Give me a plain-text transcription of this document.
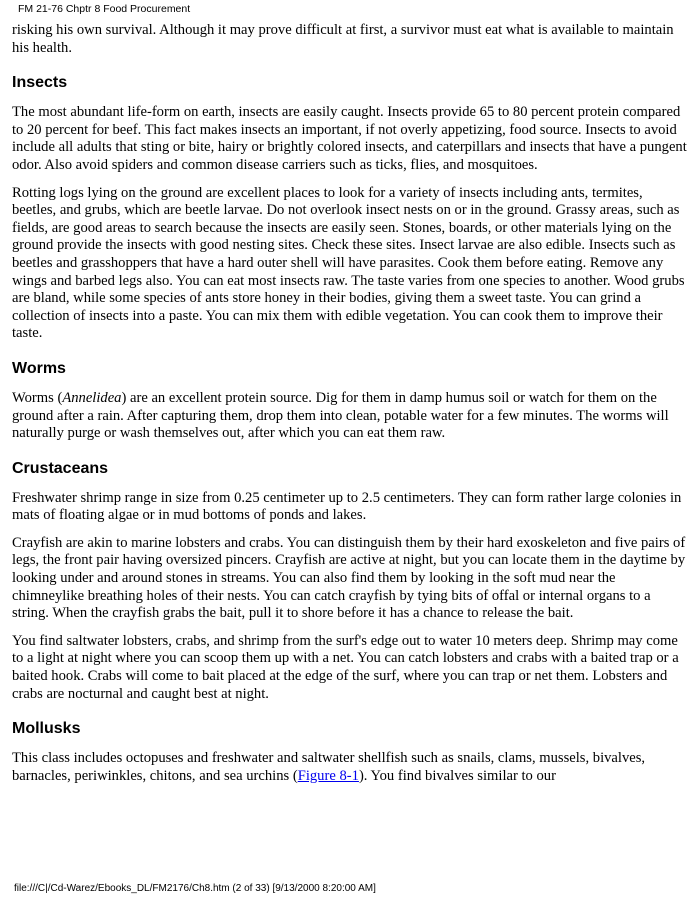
FM 21-76 Chptr 8 Food Procurement

risking his own survival. Although it may prove difficult at first, a survivor must eat what is available to maintain his health.

Insects

The most abundant life-form on earth, insects are easily caught. Insects provide 65 to 80 percent protein compared to 20 percent for beef. This fact makes insects an important, if not overly appetizing, food source. Insects to avoid include all adults that sting or bite, hairy or brightly colored insects, and caterpillars and insects that have a pungent odor. Also avoid spiders and common disease carriers such as ticks, flies, and mosquitoes.

Rotting logs lying on the ground are excellent places to look for a variety of insects including ants, termites, beetles, and grubs, which are beetle larvae. Do not overlook insect nests on or in the ground. Grassy areas, such as fields, are good areas to search because the insects are easily seen. Stones, boards, or other materials lying on the ground provide the insects with good nesting sites. Check these sites. Insect larvae are also edible. Insects such as beetles and grasshoppers that have a hard outer shell will have parasites. Cook them before eating. Remove any wings and barbed legs also. You can eat most insects raw. The taste varies from one species to another. Wood grubs are bland, while some species of ants store honey in their bodies, giving them a sweet taste. You can grind a collection of insects into a paste. You can mix them with edible vegetation. You can cook them to improve their taste.

Worms

Worms (Annelidea) are an excellent protein source. Dig for them in damp humus soil or watch for them on the ground after a rain. After capturing them, drop them into clean, potable water for a few minutes. The worms will naturally purge or wash themselves out, after which you can eat them raw.

Crustaceans

Freshwater shrimp range in size from 0.25 centimeter up to 2.5 centimeters. They can form rather large colonies in mats of floating algae or in mud bottoms of ponds and lakes.

Crayfish are akin to marine lobsters and crabs. You can distinguish them by their hard exoskeleton and five pairs of legs, the front pair having oversized pincers. Crayfish are active at night, but you can locate them in the daytime by looking under and around stones in streams. You can also find them by looking in the soft mud near the chimneylike breathing holes of their nests. You can catch crayfish by tying bits of offal or internal organs to a string. When the crayfish grabs the bait, pull it to shore before it has a chance to release the bait.

You find saltwater lobsters, crabs, and shrimp from the surf's edge out to water 10 meters deep. Shrimp may come to a light at night where you can scoop them up with a net. You can catch lobsters and crabs with a baited trap or a baited hook. Crabs will come to bait placed at the edge of the surf, where you can trap or net them. Lobsters and crabs are nocturnal and caught best at night.

Mollusks

This class includes octopuses and freshwater and saltwater shellfish such as snails, clams, mussels, bivalves, barnacles, periwinkles, chitons, and sea urchins (Figure 8-1). You find bivalves similar to our

file:///C|/Cd-Warez/Ebooks_DL/FM2176/Ch8.htm (2 of 33) [9/13/2000 8:20:00 AM]
